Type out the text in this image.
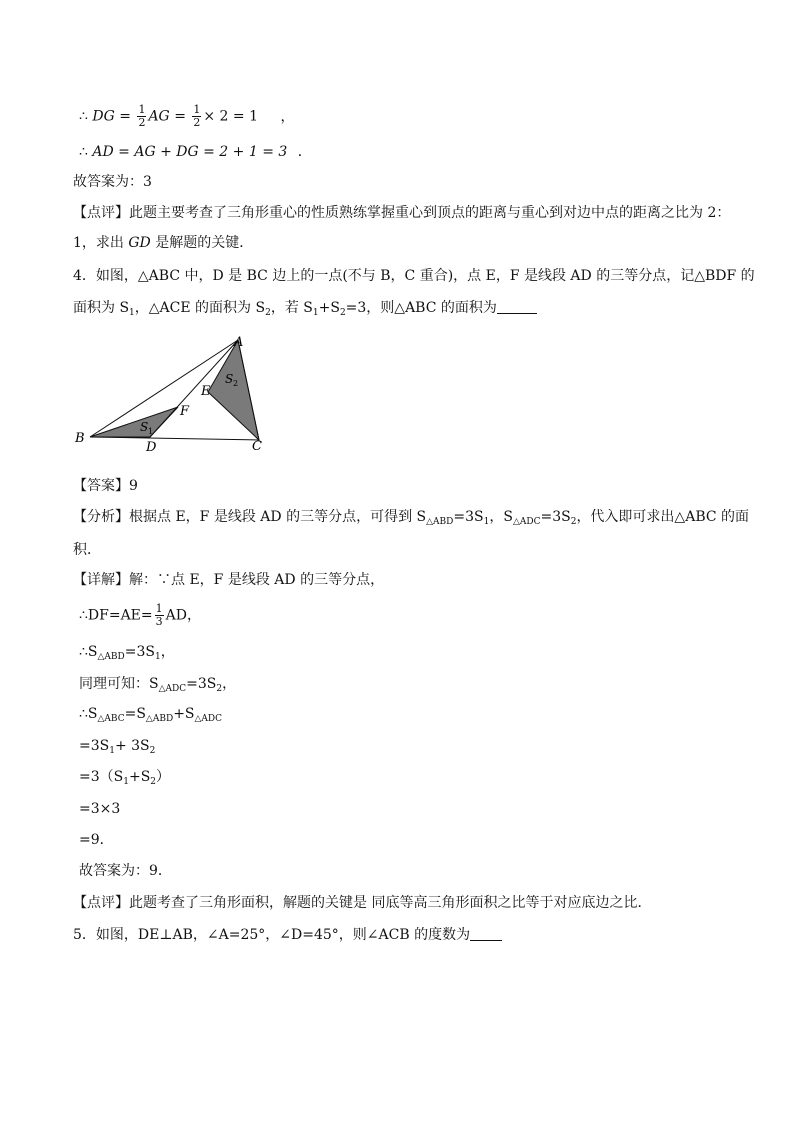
∴ DG = $\frac{1}{2}$ AG = $\frac{1}{2} \times 2 = 1$ ，
∴ AD = AG + DG = 2 + 1 = 3 ．
故答案为：3
【点评】此题主要考查了三角形重心的性质熟练掌握重心到顶点的距离与重心到对边中点的距离之比为 2：
1，求出 GD 是解题的关键．
4．如图，△ABC 中，D 是 BC 边上的一点(不与 B，C 重合)，点 E，F 是线段 AD 的三等分点，记△BDF 的
面积为 $S_1$，△ACE 的面积为 $S_2$，若 $S_1+S_2=3$，则△ABC 的面积为
A
B
C
D
E
F
S 1
S 2
【答案】9
【分析】根据点 E，F 是线段 AD 的三等分点，可得到 $S_{\triangle ABD}=3S_1$，$S_{\triangle ADC}=3S_2$，代入即可求出△ABC 的面
积．
【详解】解：∵点 E，F 是线段 AD 的三等分点，
∴DF=AE= $\frac{1}{3}$ AD，
$\therefore S_{\triangle ABD}=3S_1$，
同理可知：$S_{\triangle ADC}=3S_2$，
$\therefore S_{\triangle ABC}=S_{\triangle ABD}+S_{\triangle ADC}$
$=3S_1+ 3S_2$
$=3(S_1+S_2)$
=3×3
=9．
故答案为：9．
【点评】此题考查了三角形面积，解题的关键是 同底等高三角形面积之比等于对应底边之比．
5．如图，DE⊥AB，∠A=25°，∠D=45°，则∠ACB 的度数为
